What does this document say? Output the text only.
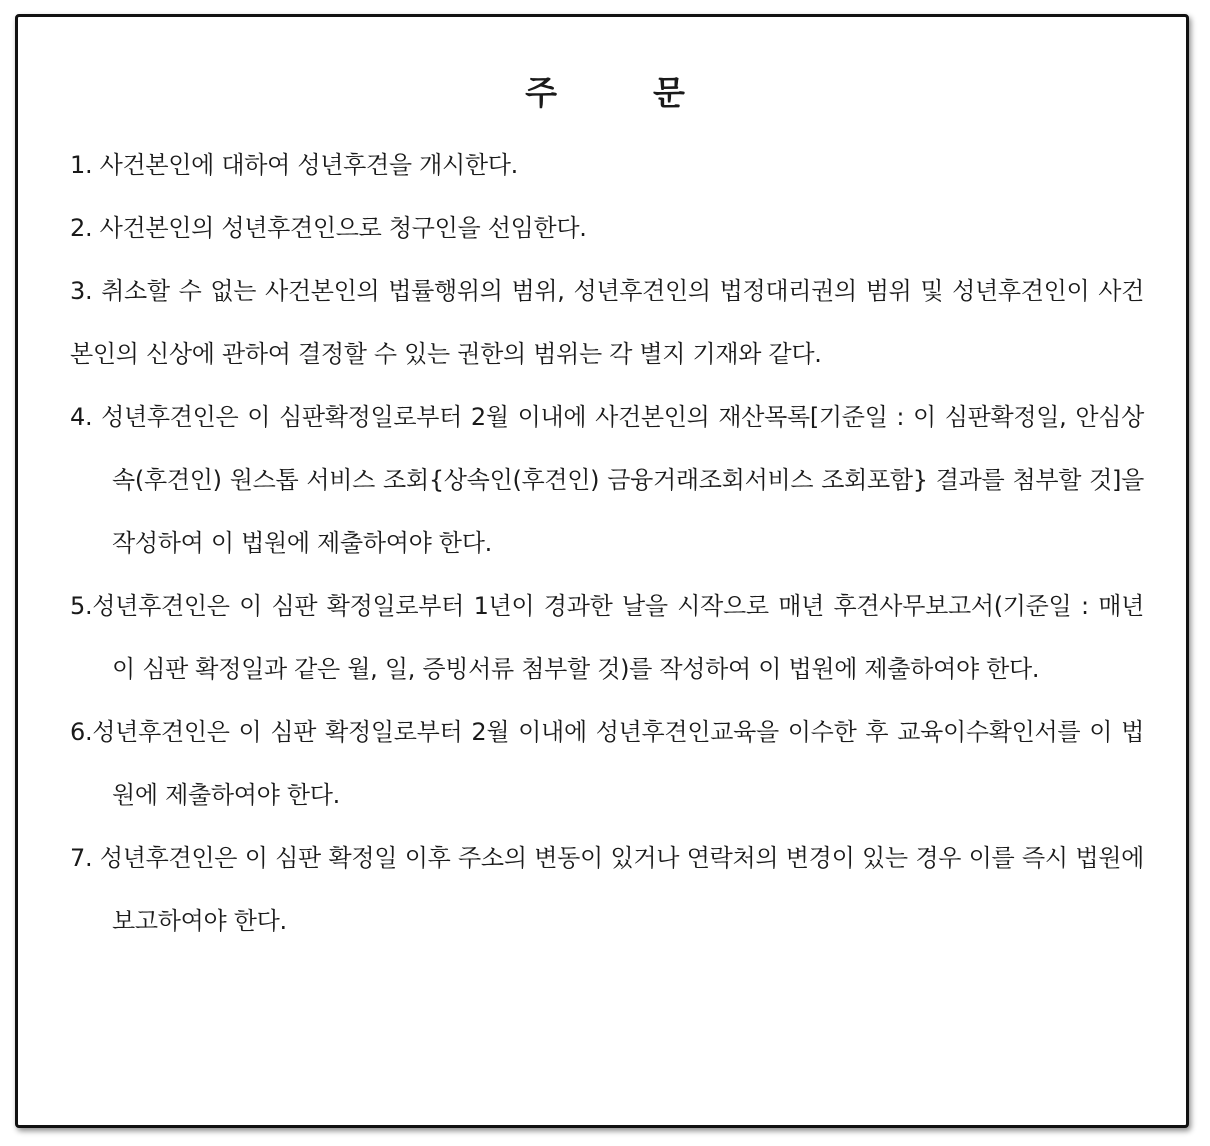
주	문

1. 사건본인에 대하여 성년후견을 개시한다.

2. 사건본인의 성년후견인으로 청구인을 선임한다.

3. 취소할 수 없는 사건본인의 법률행위의 범위, 성년후견인의 법정대리권의 범위 및 성년후견인이 사건본인의 신상에 관하여 결정할 수 있는 권한의 범위는 각 별지 기재와 같다.

4. 성년후견인은 이 심판확정일로부터 2월 이내에 사건본인의 재산목록[기준일 : 이 심판확정일, 안심상속(후견인) 원스톱 서비스 조회{상속인(후견인) 금융거래조회서비스 조회포함} 결과를 첨부할 것]을 작성하여 이 법원에 제출하여야 한다.

5.성년후견인은 이 심판 확정일로부터 1년이 경과한 날을 시작으로 매년 후견사무보고서(기준일 : 매년 이 심판 확정일과 같은 월, 일, 증빙서류 첨부할 것)를 작성하여 이 법원에 제출하여야 한다.

6.성년후견인은 이 심판 확정일로부터 2월 이내에 성년후견인교육을 이수한 후 교육이수확인서를 이 법원에 제출하여야 한다.

7. 성년후견인은 이 심판 확정일 이후 주소의 변동이 있거나 연락처의 변경이 있는 경우 이를 즉시 법원에 보고하여야 한다.
